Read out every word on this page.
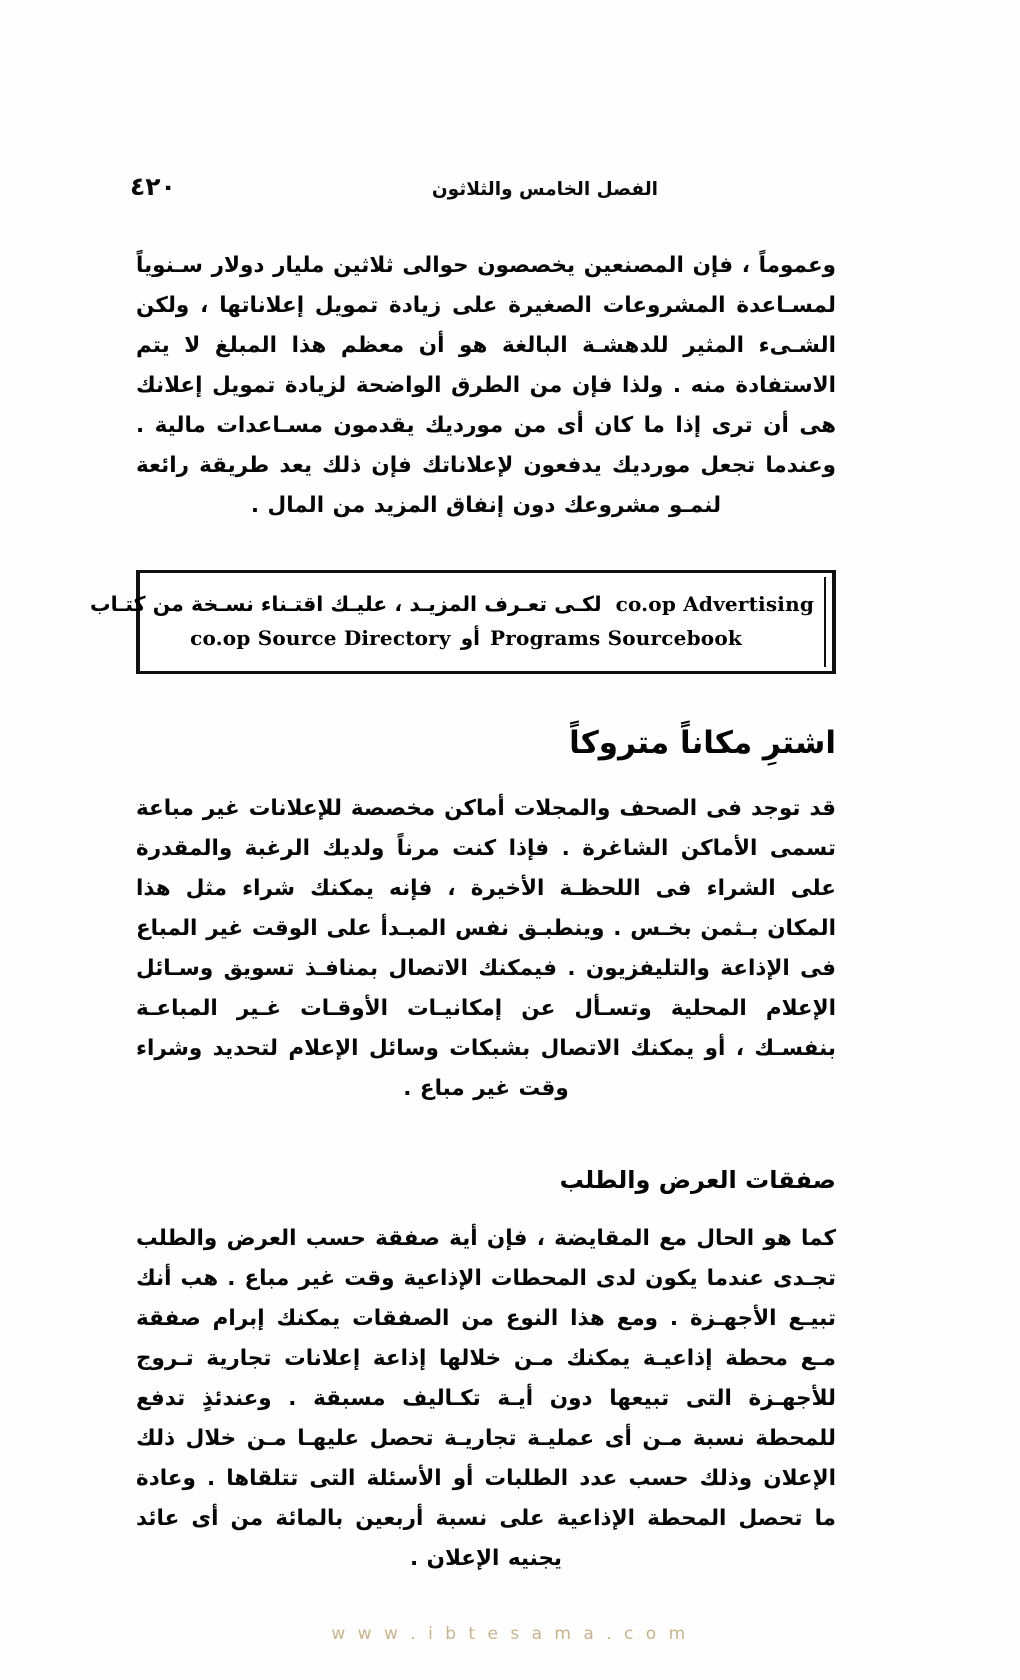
الفصل الخامس والثلاثون
٤٢٠

وعموماً ، فإن المصنعين يخصصون حوالى ثلاثين مليار دولار سـنوياً لمسـاعدة المشروعات الصغيرة على زيادة تمويل إعلاناتها ، ولكن الشـىء المثير للدهشـة البالغة هو أن معظم هذا المبلغ لا يتم الاستفادة منه . ولذا فإن من الطرق الواضحة لزيادة تمويل إعلانك هى أن ترى إذا ما كان أى من مورديك يقدمون مسـاعدات مالية . وعندما تجعل مورديك يدفعون لإعلاناتك فإن ذلك يعد طريقة رائعة لنمـو مشروعك دون إنفاق المزيد من المال .

co.op Advertising
لكـى تعـرف المزيـد ، عليـك اقتـناء نسـخة من كتـاب
Programs Sourcebook
أو
co.op Source Directory
اشترِ مكاناً متروكاً

قد توجد فى الصحف والمجلات أماكن مخصصة للإعلانات غير مباعة تسمى الأماكن الشاغرة . فإذا كنت مرناً ولديك الرغبة والمقدرة على الشراء فى اللحظـة الأخيرة ، فإنه يمكنك شراء مثل هذا المكان بـثمن بخـس . وينطبـق نفس المبـدأ على الوقت غير المباع فى الإذاعة والتليفزيون . فيمكنك الاتصال بمنافـذ تسويق وسـائل الإعلام المحلية وتسـأل عن إمكانيـات الأوقـات غـير المباعـة بنفسـك ، أو يمكنك الاتصال بشبكات وسائل الإعلام لتحديد وشراء وقت غير مباع .

صفقات العرض والطلب

كما هو الحال مع المقايضة ، فإن أية صفقة حسب العرض والطلب تجـدى عندما يكون لدى المحطات الإذاعية وقت غير مباع . هب أنك تبيـع الأجهـزة . ومع هذا النوع من الصفقات يمكنك إبرام صفقة مـع محطة إذاعيـة يمكنك مـن خلالها إذاعة إعلانات تجارية تـروج للأجهـزة التى تبيعها دون أيـة تكـاليف مسبقة . وعندئذٍ تدفع للمحطة نسبة مـن أى عمليـة تجاريـة تحصل عليهـا مـن خلال ذلك الإعلان وذلك حسب عدد الطلبات أو الأسئلة التى تتلقاها . وعادة ما تحصل المحطة الإذاعية على نسبة أربعين بالمائة من أى عائد يجنيه الإعلان .

w w w . i b t e s a m a . c o m
